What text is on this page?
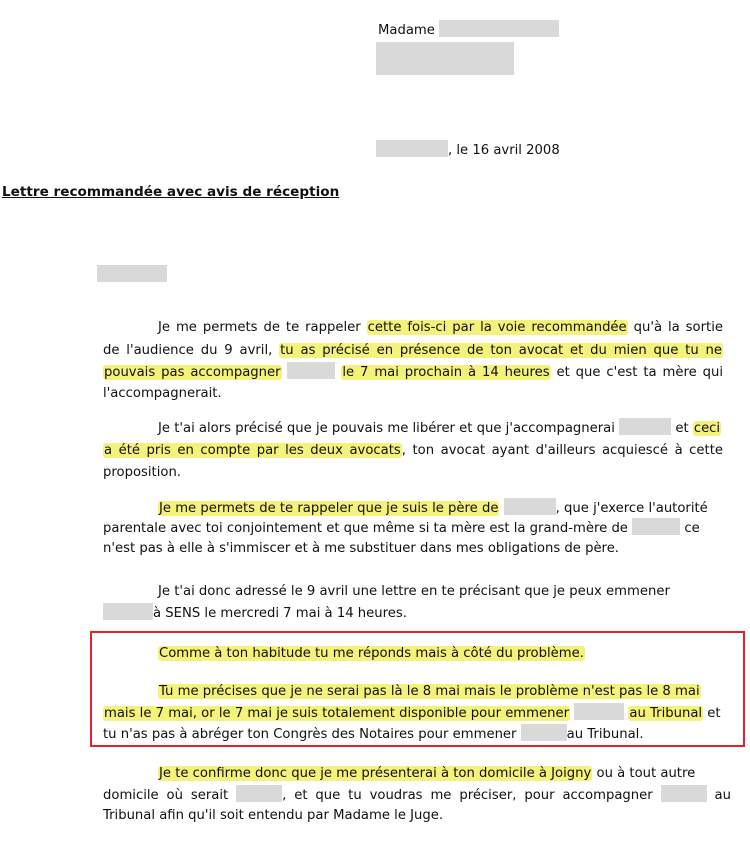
Madame
, le 16 avril 2008
Lettre recommandée avec avis de réception
Je me permets de te rappeler cette fois-ci par la voie recommandée qu'à la sortie
de l'audience du 9 avril, tu as précisé en présence de ton avocat et du mien que tu ne
pouvais pas accompagner	le 7 mai prochain à 14 heures et que c'est ta mère qui
l'accompagnerait.
Je t'ai alors précisé que je pouvais me libérer et que j'accompagnerai	et ceci
a été pris en compte par les deux avocats, ton avocat ayant d'ailleurs acquiescé à cette
proposition.
Je me permets de te rappeler que je suis le père de	, que j'exerce l'autorité
parentale avec toi conjointement et que même si ta mère est la grand-mère de	ce
n'est pas à elle à s'immiscer et à me substituer dans mes obligations de père.
Je t'ai donc adressé le 9 avril une lettre en te précisant que je peux emmener
à SENS le mercredi 7 mai à 14 heures.
Comme à ton habitude tu me réponds mais à côté du problème.
Tu me précises que je ne serai pas là le 8 mai mais le problème n'est pas le 8 mai
mais le 7 mai, or le 7 mai je suis totalement disponible pour emmener	au Tribunal et
tu n'as pas à abréger ton Congrès des Notaires pour emmener	au Tribunal.
Je te confirme donc que je me présenterai à ton domicile à Joigny ou à tout autre
domicile où serait	, et que tu voudras me préciser, pour accompagner	au
Tribunal afin qu'il soit entendu par Madame le Juge.
